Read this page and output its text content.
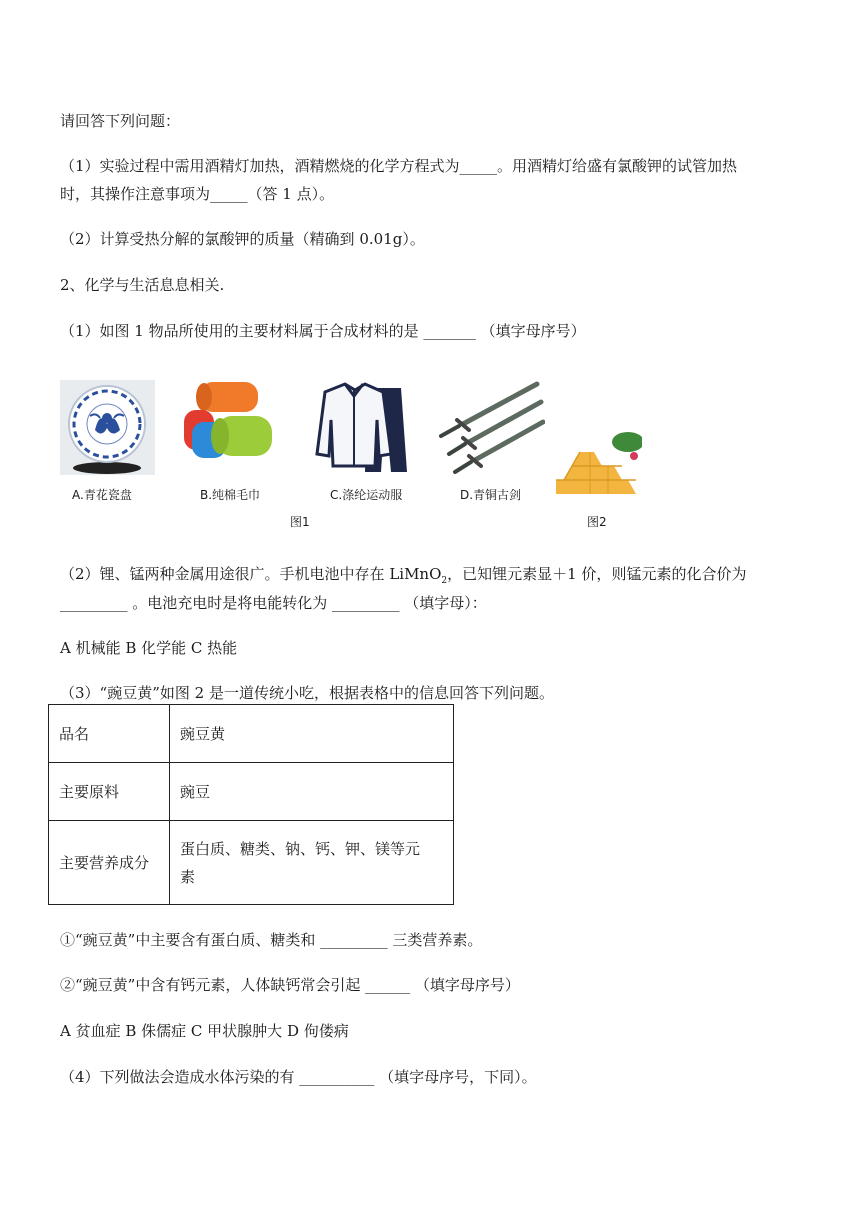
请回答下列问题：
（1）实验过程中需用酒精灯加热，酒精燃烧的化学方程式为_____。用酒精灯给盛有氯酸钾的试管加热
时，其操作注意事项为_____（答 1 点）。
（2）计算受热分解的氯酸钾的质量（精确到 0.01g）。
2、化学与生活息息相关.
（1）如图 1 物品所使用的主要材料属于合成材料的是 _______ （填字母序号）
A.青花瓷盘	B.纯棉毛巾	C.涤纶运动服	D.青铜古剑
图1	图2
（2）锂、锰两种金属用途很广。手机电池中存在 LiMnO$_2$，已知锂元素显＋1 价，则锰元素的化合价为
_________ 。电池充电时是将电能转化为 _________ （填字母）：
A 机械能 B 化学能 C 热能
（3）“豌豆黄”如图 2 是一道传统小吃，根据表格中的信息回答下列问题。
品名	豌豆黄
主要原料	豌豆
主要营养成分	蛋白质、糖类、钠、钙、钾、镁等元
素
①“豌豆黄”中主要含有蛋白质、糖类和 _________ 三类营养素。
②“豌豆黄”中含有钙元素，人体缺钙常会引起 ______ （填字母序号）
A 贫血症 B 侏儒症 C 甲状腺肿大 D 佝偻病
（4）下列做法会造成水体污染的有 __________ （填字母序号，下同）。
